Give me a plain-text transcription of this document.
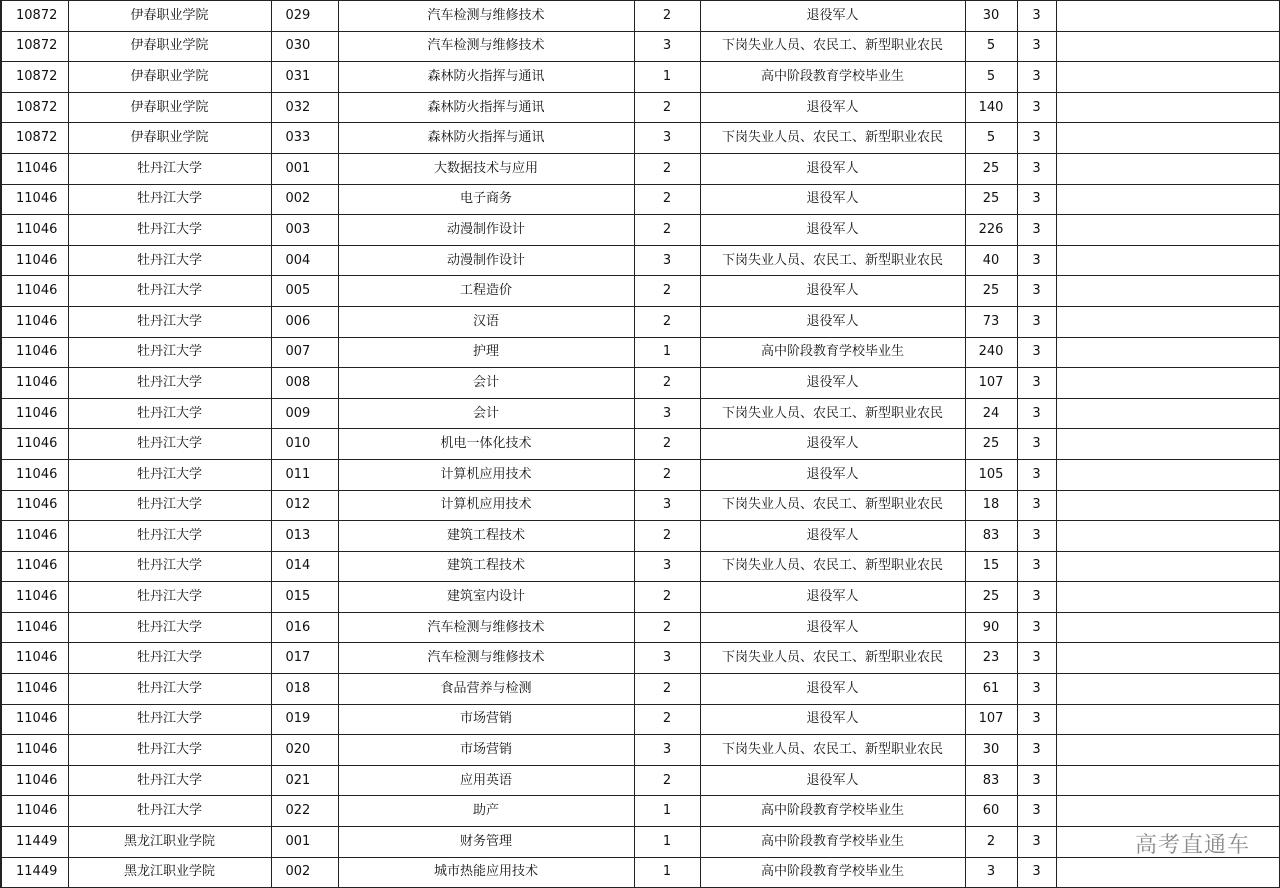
10872	伊春职业学院	029	汽车检测与维修技术	2	退役军人	30	3	
10872	伊春职业学院	030	汽车检测与维修技术	3	下岗失业人员、农民工、新型职业农民	5	3	
10872	伊春职业学院	031	森林防火指挥与通讯	1	高中阶段教育学校毕业生	5	3	
10872	伊春职业学院	032	森林防火指挥与通讯	2	退役军人	140	3	
10872	伊春职业学院	033	森林防火指挥与通讯	3	下岗失业人员、农民工、新型职业农民	5	3	
11046	牡丹江大学	001	大数据技术与应用	2	退役军人	25	3	
11046	牡丹江大学	002	电子商务	2	退役军人	25	3	
11046	牡丹江大学	003	动漫制作设计	2	退役军人	226	3	
11046	牡丹江大学	004	动漫制作设计	3	下岗失业人员、农民工、新型职业农民	40	3	
11046	牡丹江大学	005	工程造价	2	退役军人	25	3	
11046	牡丹江大学	006	汉语	2	退役军人	73	3	
11046	牡丹江大学	007	护理	1	高中阶段教育学校毕业生	240	3	
11046	牡丹江大学	008	会计	2	退役军人	107	3	
11046	牡丹江大学	009	会计	3	下岗失业人员、农民工、新型职业农民	24	3	
11046	牡丹江大学	010	机电一体化技术	2	退役军人	25	3	
11046	牡丹江大学	011	计算机应用技术	2	退役军人	105	3	
11046	牡丹江大学	012	计算机应用技术	3	下岗失业人员、农民工、新型职业农民	18	3	
11046	牡丹江大学	013	建筑工程技术	2	退役军人	83	3	
11046	牡丹江大学	014	建筑工程技术	3	下岗失业人员、农民工、新型职业农民	15	3	
11046	牡丹江大学	015	建筑室内设计	2	退役军人	25	3	
11046	牡丹江大学	016	汽车检测与维修技术	2	退役军人	90	3	
11046	牡丹江大学	017	汽车检测与维修技术	3	下岗失业人员、农民工、新型职业农民	23	3	
11046	牡丹江大学	018	食品营养与检测	2	退役军人	61	3	
11046	牡丹江大学	019	市场营销	2	退役军人	107	3	
11046	牡丹江大学	020	市场营销	3	下岗失业人员、农民工、新型职业农民	30	3	
11046	牡丹江大学	021	应用英语	2	退役军人	83	3	
11046	牡丹江大学	022	助产	1	高中阶段教育学校毕业生	60	3	
11449	黑龙江职业学院	001	财务管理	1	高中阶段教育学校毕业生	2	3	
11449	黑龙江职业学院	002	城市热能应用技术	1	高中阶段教育学校毕业生	3	3	
高考直通车
